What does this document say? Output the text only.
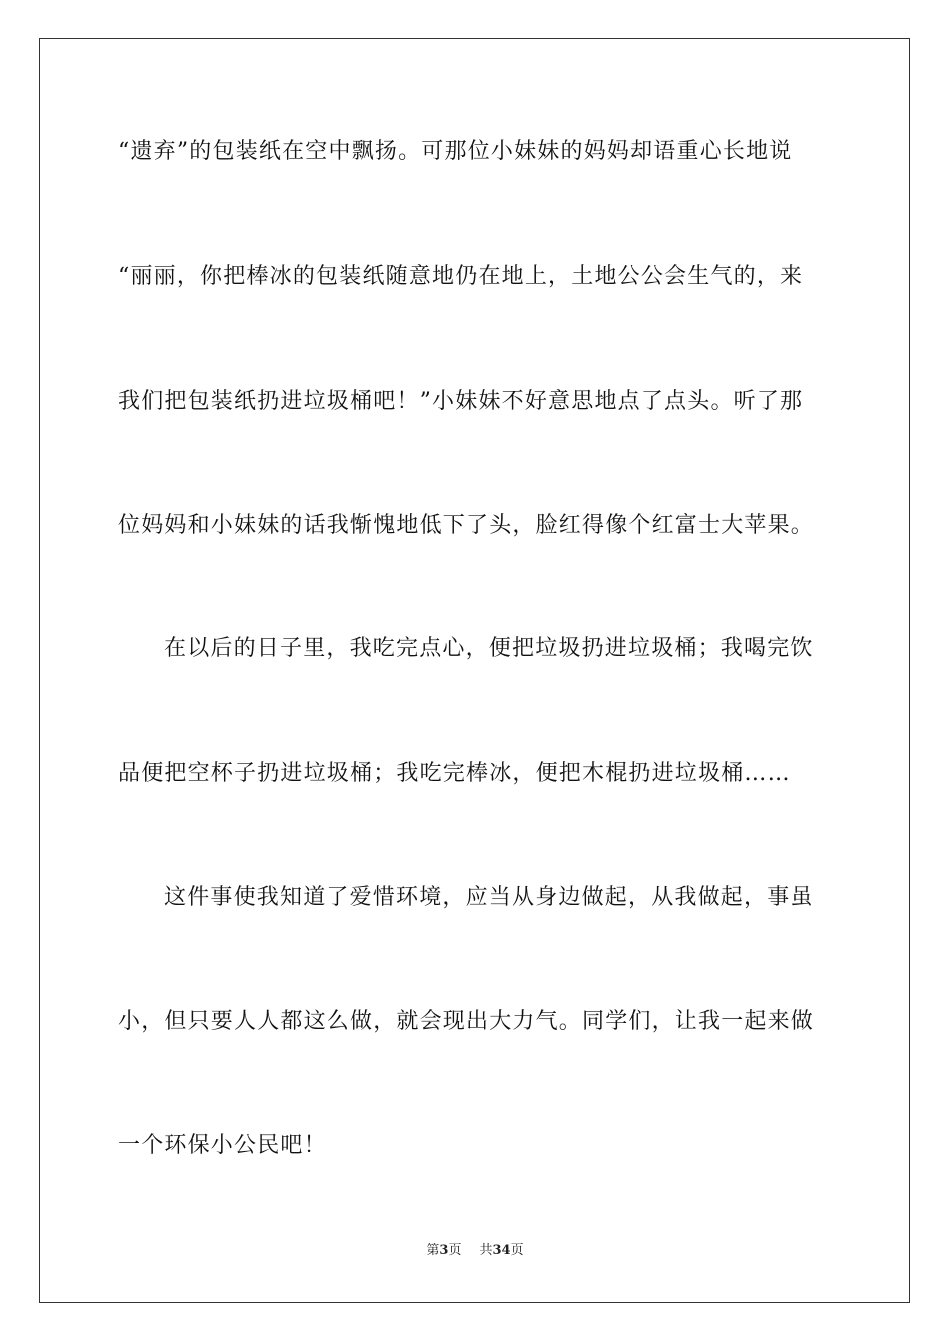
“遗弃”的包装纸在空中飘扬。可那位小妹妹的妈妈却语重心长地说
“丽丽，你把棒冰的包装纸随意地仍在地上，土地公公会生气的，来
我们把包装纸扔进垃圾桶吧！”小妹妹不好意思地点了点头。听了那
位妈妈和小妹妹的话我惭愧地低下了头，脸红得像个红富士大苹果。
在以后的日子里，我吃完点心，便把垃圾扔进垃圾桶；我喝完饮
品便把空杯子扔进垃圾桶；我吃完棒冰，便把木棍扔进垃圾桶……
这件事使我知道了爱惜环境，应当从身边做起，从我做起，事虽
小，但只要人人都这么做，就会现出大力气。同学们，让我一起来做
一个环保小公民吧！
第3页 共34页
